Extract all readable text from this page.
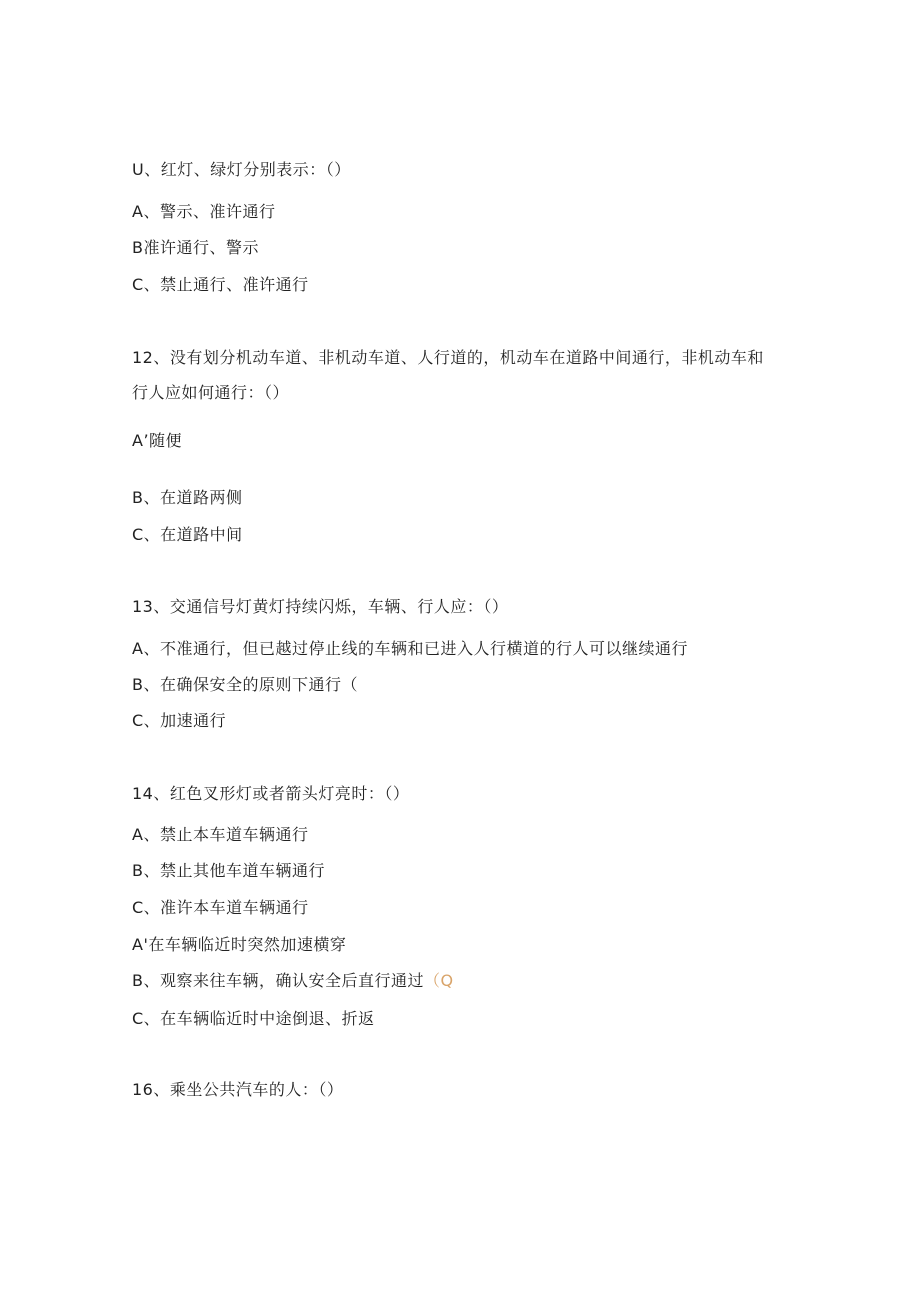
U、红灯、绿灯分别表示：（）
A、警示、准许通行
B准许通行、警示
C、禁止通行、准许通行
12、没有划分机动车道、非机动车道、人行道的，机动车在道路中间通行，非机动车和
行人应如何通行：（）
A’随便
B、在道路两侧
C、在道路中间
13、交通信号灯黄灯持续闪烁，车辆、行人应：（）
A、不准通行，但已越过停止线的车辆和已进入人行横道的行人可以继续通行
B、在确保安全的原则下通行（
C、加速通行
14、红色叉形灯或者箭头灯亮时：（）
A、禁止本车道车辆通行
B、禁止其他车道车辆通行
C、准许本车道车辆通行
A'在车辆临近时突然加速横穿
B、观察来往车辆，确认安全后直行通过（Q
C、在车辆临近时中途倒退、折返
16、乘坐公共汽车的人：（）
